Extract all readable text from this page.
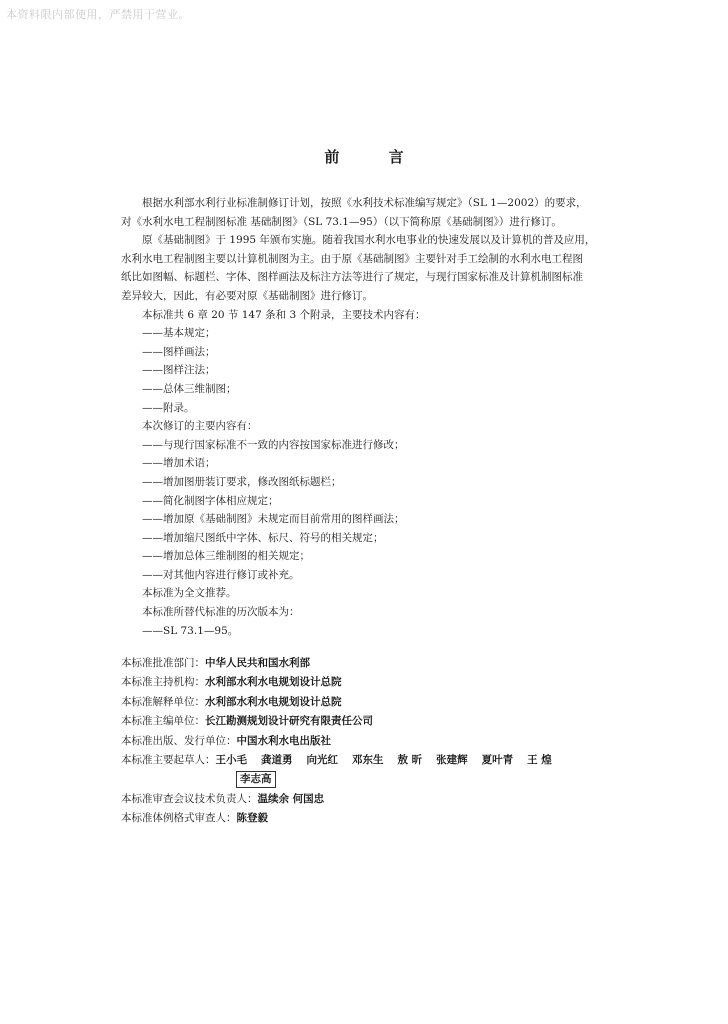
本资料限内部使用，严禁用于营业。
前 言

根据水利部水利行业标准制修订计划，按照《水利技术标准编写规定》（SL 1—2002）的要求，

对《水利水电工程制图标准 基础制图》（SL 73.1—95）（以下简称原《基础制图》）进行修订。

原《基础制图》于 1995 年颁布实施。随着我国水利水电事业的快速发展以及计算机的普及应用，

水利水电工程制图主要以计算机制图为主。由于原《基础制图》主要针对手工绘制的水利水电工程图

纸比如图幅、标题栏、字体、图样画法及标注方法等进行了规定，与现行国家标准及计算机制图标准

差异较大，因此，有必要对原《基础制图》进行修订。

本标准共 6 章 20 节 147 条和 3 个附录，主要技术内容有：

——基本规定；

——图样画法；

——图样注法；

——总体三维制图；

——附录。

本次修订的主要内容有：

——与现行国家标准不一致的内容按国家标准进行修改；

——增加术语；

——增加图册装订要求，修改图纸标题栏；

——简化制图字体相应规定；

——增加原《基础制图》未规定而目前常用的图样画法；

——增加缩尺图纸中字体、标尺、符号的相关规定；

——增加总体三维制图的相关规定；

——对其他内容进行修订或补充。

本标准为全文推荐。

本标准所替代标准的历次版本为：

——SL 73.1—95。

本标准批准部门：中华人民共和国水利部

本标准主持机构：水利部水利水电规划设计总院

本标准解释单位：水利部水利水电规划设计总院

本标准主编单位：长江勘测规划设计研究有限责任公司

本标准出版、发行单位：中国水利水电出版社

本标准主要起草人：王小毛 龚道勇 向光红 邓东生 敖 昕 张建辉 夏叶青 王 煌

李志高

本标准审查会议技术负责人：温续余 何国忠

本标准体例格式审查人：陈登毅
